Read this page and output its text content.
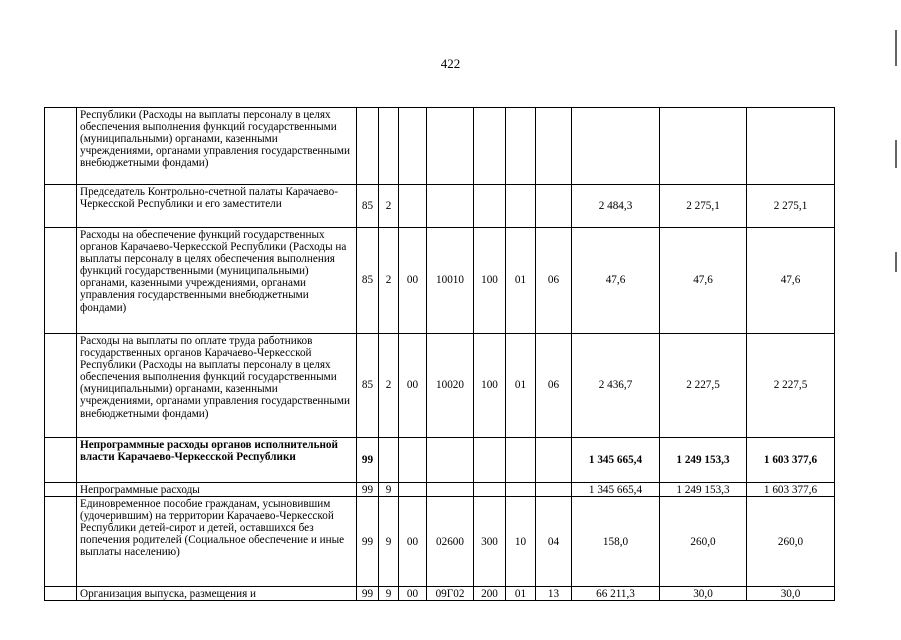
422
	Республики (Расходы на выплаты персоналу в целях обеспечения выполнения функций государственными (муниципальными) органами, казенными учреждениями, органами управления государственными внебюджетными фондами)										
	Председатель Контрольно-счетной палаты Карачаево-Черкесской Республики и его заместители	85	2						2 484,3	2 275,1	2 275,1
	Расходы на обеспечение функций государственных органов Карачаево-Черкесской Республики (Расходы на выплаты персоналу в целях обеспечения выполнения функций государственными (муниципальными) органами, казенными учреждениями, органами управления государственными внебюджетными фондами)	85	2	00	10010	100	01	06	47,6	47,6	47,6
	Расходы на выплаты по оплате труда работников государственных органов Карачаево-Черкесской Республики (Расходы на выплаты персоналу в целях обеспечения выполнения функций государственными (муниципальными) органами, казенными учреждениями, органами управления государственными внебюджетными фондами)	85	2	00	10020	100	01	06	2 436,7	2 227,5	2 227,5
	Непрограммные расходы органов исполнительной власти Карачаево-Черкесской Республики	99							1 345 665,4	1 249 153,3	1 603 377,6
	Непрограммные расходы	99	9						1 345 665,4	1 249 153,3	1 603 377,6
	Единовременное пособие гражданам, усыновившим (удочерившим) на территории Карачаево-Черкесской Республики детей-сирот и детей, оставшихся без попечения родителей (Социальное обеспечение и иные выплаты населению)	99	9	00	02600	300	10	04	158,0	260,0	260,0
	Организация выпуска, размещения и	99	9	00	09Г02	200	01	13	66 211,3	30,0	30,0
